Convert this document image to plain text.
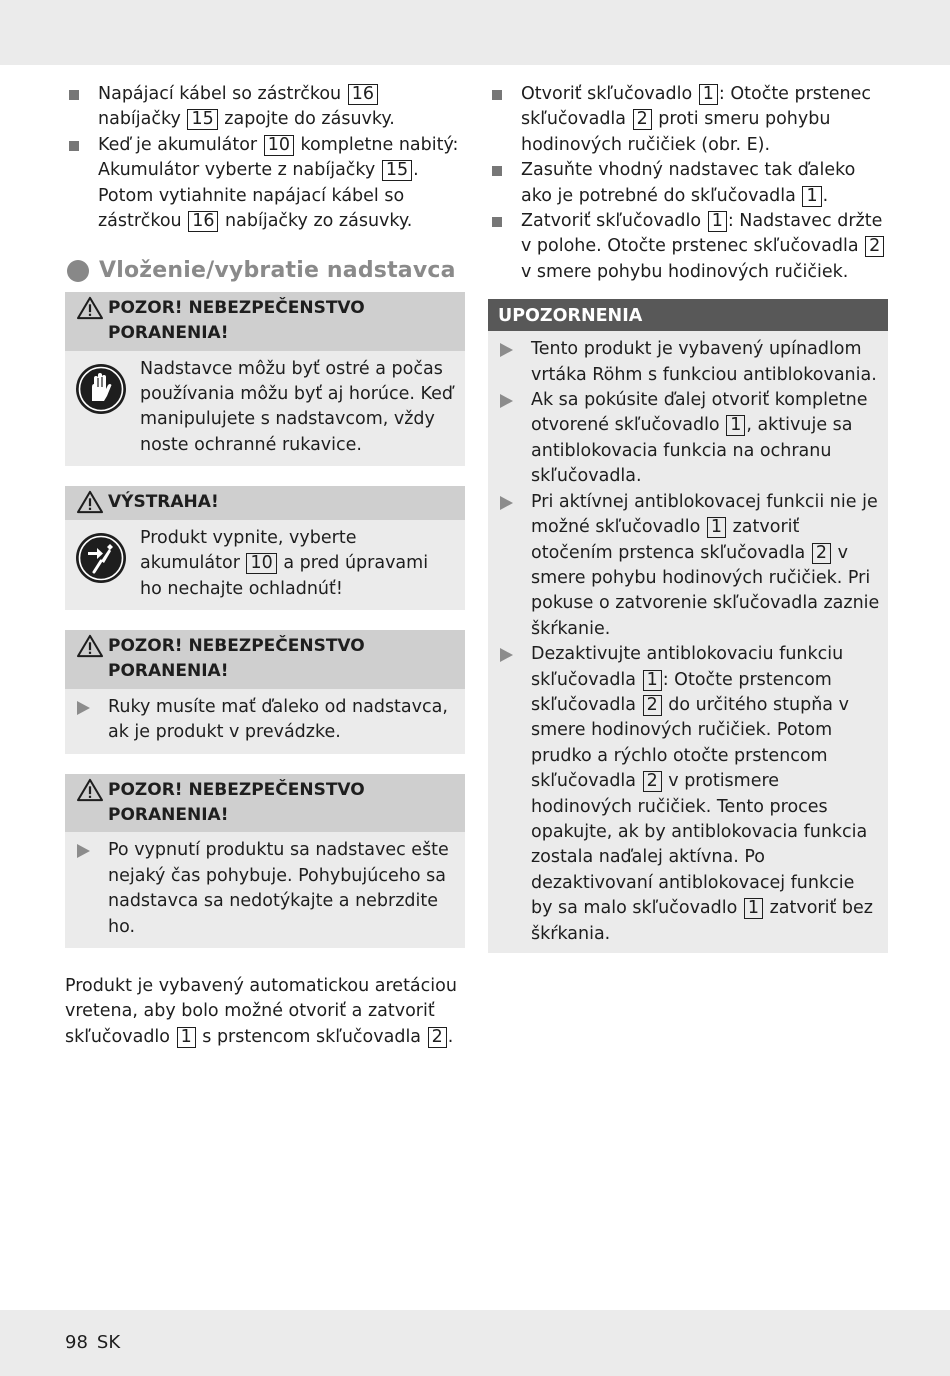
Napájací kábel so zástrčkou 16 nabíjačky 15 zapojte do zásuvky.
Keď je akumulátor 10 kompletne nabitý: Akumulátor vyberte z nabíjačky 15 . Potom vytiahnite napájací kábel so zástrčkou 16 nabíjačky zo zásuvky.
Vloženie/vybratie nadstavca
POZOR! NEBEZPEČENSTVO PORANENIA!
Nadstavce môžu byť ostré a počas používania môžu byť aj horúce. Keď manipulujete s nadstavcom, vždy noste ochranné rukavice.
VÝSTRAHA!
Produkt vypnite, vyberte akumulátor 10 a pred úpravami ho nechajte ochladnúť!
POZOR! NEBEZPEČENSTVO PORANENIA!
Ruky musíte mať ďaleko od nadstavca, ak je produkt v prevádzke.
POZOR! NEBEZPEČENSTVO PORANENIA!
Po vypnutí produktu sa nadstavec ešte nejaký čas pohybuje. Pohybujúceho sa nadstavca sa nedotýkajte a nebrzdite ho.

Produkt je vybavený automatickou aretáciou vretena, aby bolo možné otvoriť a zatvoriť skľučovadlo 1 s prstencom skľučovadla 2 .

Otvoriť skľučovadlo 1 : Otočte prstenec skľučovadla 2 proti smeru pohybu hodinových ručičiek (obr. E).
Zasuňte vhodný nadstavec tak ďaleko ako je potrebné do skľučovadla 1 .
Zatvoriť skľučovadlo 1 : Nadstavec držte v polohe. Otočte prstenec skľučovadla 2 v smere pohybu hodinových ručičiek.
UPOZORNENIA
Tento produkt je vybavený upínadlom vrtáka Röhm s funkciou antiblokovania.
Ak sa pokúsite ďalej otvoriť kompletne otvorené skľučovadlo 1 , aktivuje sa antiblokovacia funkcia na ochranu skľučovadla.
Pri aktívnej antiblokovacej funkcii nie je možné skľučovadlo 1 zatvoriť otočením prstenca skľučovadla 2 v smere pohybu hodinových ručičiek. Pri pokuse o zatvorenie skľučovadla zaznie škŕkanie.
Dezaktivujte antiblokovaciu funkciu skľučovadla 1 : Otočte prstencom skľučovadla 2 do určitého stupňa v smere hodinových ručičiek. Potom prudko a rýchlo otočte prstencom skľučovadla 2 v protismere hodinových ručičiek. Tento proces opakujte, ak by antiblokovacia funkcia zostala naďalej aktívna. Po dezaktivovaní antiblokovacej funkcie by sa malo skľučovadlo 1 zatvoriť bez škŕkania.
98 SK
